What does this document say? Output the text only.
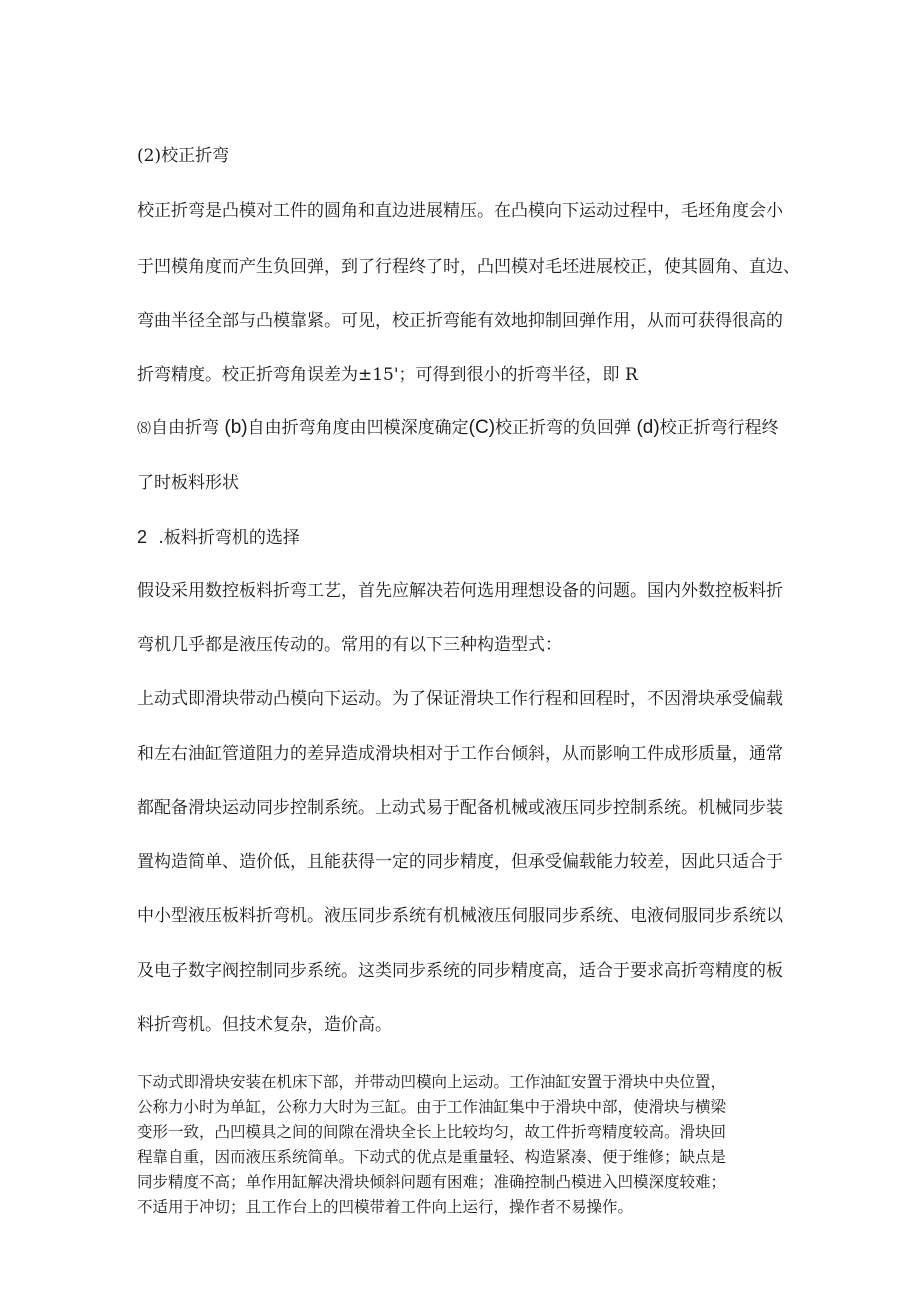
(2)校正折弯
校正折弯是凸模对工件的圆角和直边进展精压。在凸模向下运动过程中，毛坯角度会小
于凹模角度而产生负回弹，到了行程终了时，凸凹模对毛坯进展校正，使其圆角、直边、
弯曲半径全部与凸模靠紧。可见，校正折弯能有效地抑制回弹作用，从而可获得很高的
折弯精度。校正折弯角误差为±15'；可得到很小的折弯半径，即 R
⑻自由折弯 (b)自由折弯角度由凹模深度确定(C)校正折弯的负回弹 (d)校正折弯行程终
了时板料形状
2 .板料折弯机的选择
假设采用数控板料折弯工艺，首先应解决若何选用理想设备的问题。国内外数控板料折
弯机几乎都是液压传动的。常用的有以下三种构造型式：
上动式即滑块带动凸模向下运动。为了保证滑块工作行程和回程时，不因滑块承受偏载
和左右油缸管道阻力的差异造成滑块相对于工作台倾斜，从而影响工件成形质量，通常
都配备滑块运动同步控制系统。上动式易于配备机械或液压同步控制系统。机械同步装
置构造简单、造价低，且能获得一定的同步精度，但承受偏载能力较差，因此只适合于
中小型液压板料折弯机。液压同步系统有机械液压伺服同步系统、电液伺服同步系统以
及电子数字阀控制同步系统。这类同步系统的同步精度高，适合于要求高折弯精度的板
料折弯机。但技术复杂，造价高。
下动式即滑块安装在机床下部，并带动凹模向上运动。工作油缸安置于滑块中央位置，
公称力小时为单缸，公称力大时为三缸。由于工作油缸集中于滑块中部，使滑块与横梁
变形一致，凸凹模具之间的间隙在滑块全长上比较均匀，故工件折弯精度较高。滑块回
程靠自重，因而液压系统简单。下动式的优点是重量轻、构造紧凑、便于维修；缺点是
同步精度不高；单作用缸解决滑块倾斜问题有困难；准确控制凸模进入凹模深度较难；
不适用于冲切；且工作台上的凹模带着工件向上运行，操作者不易操作。
